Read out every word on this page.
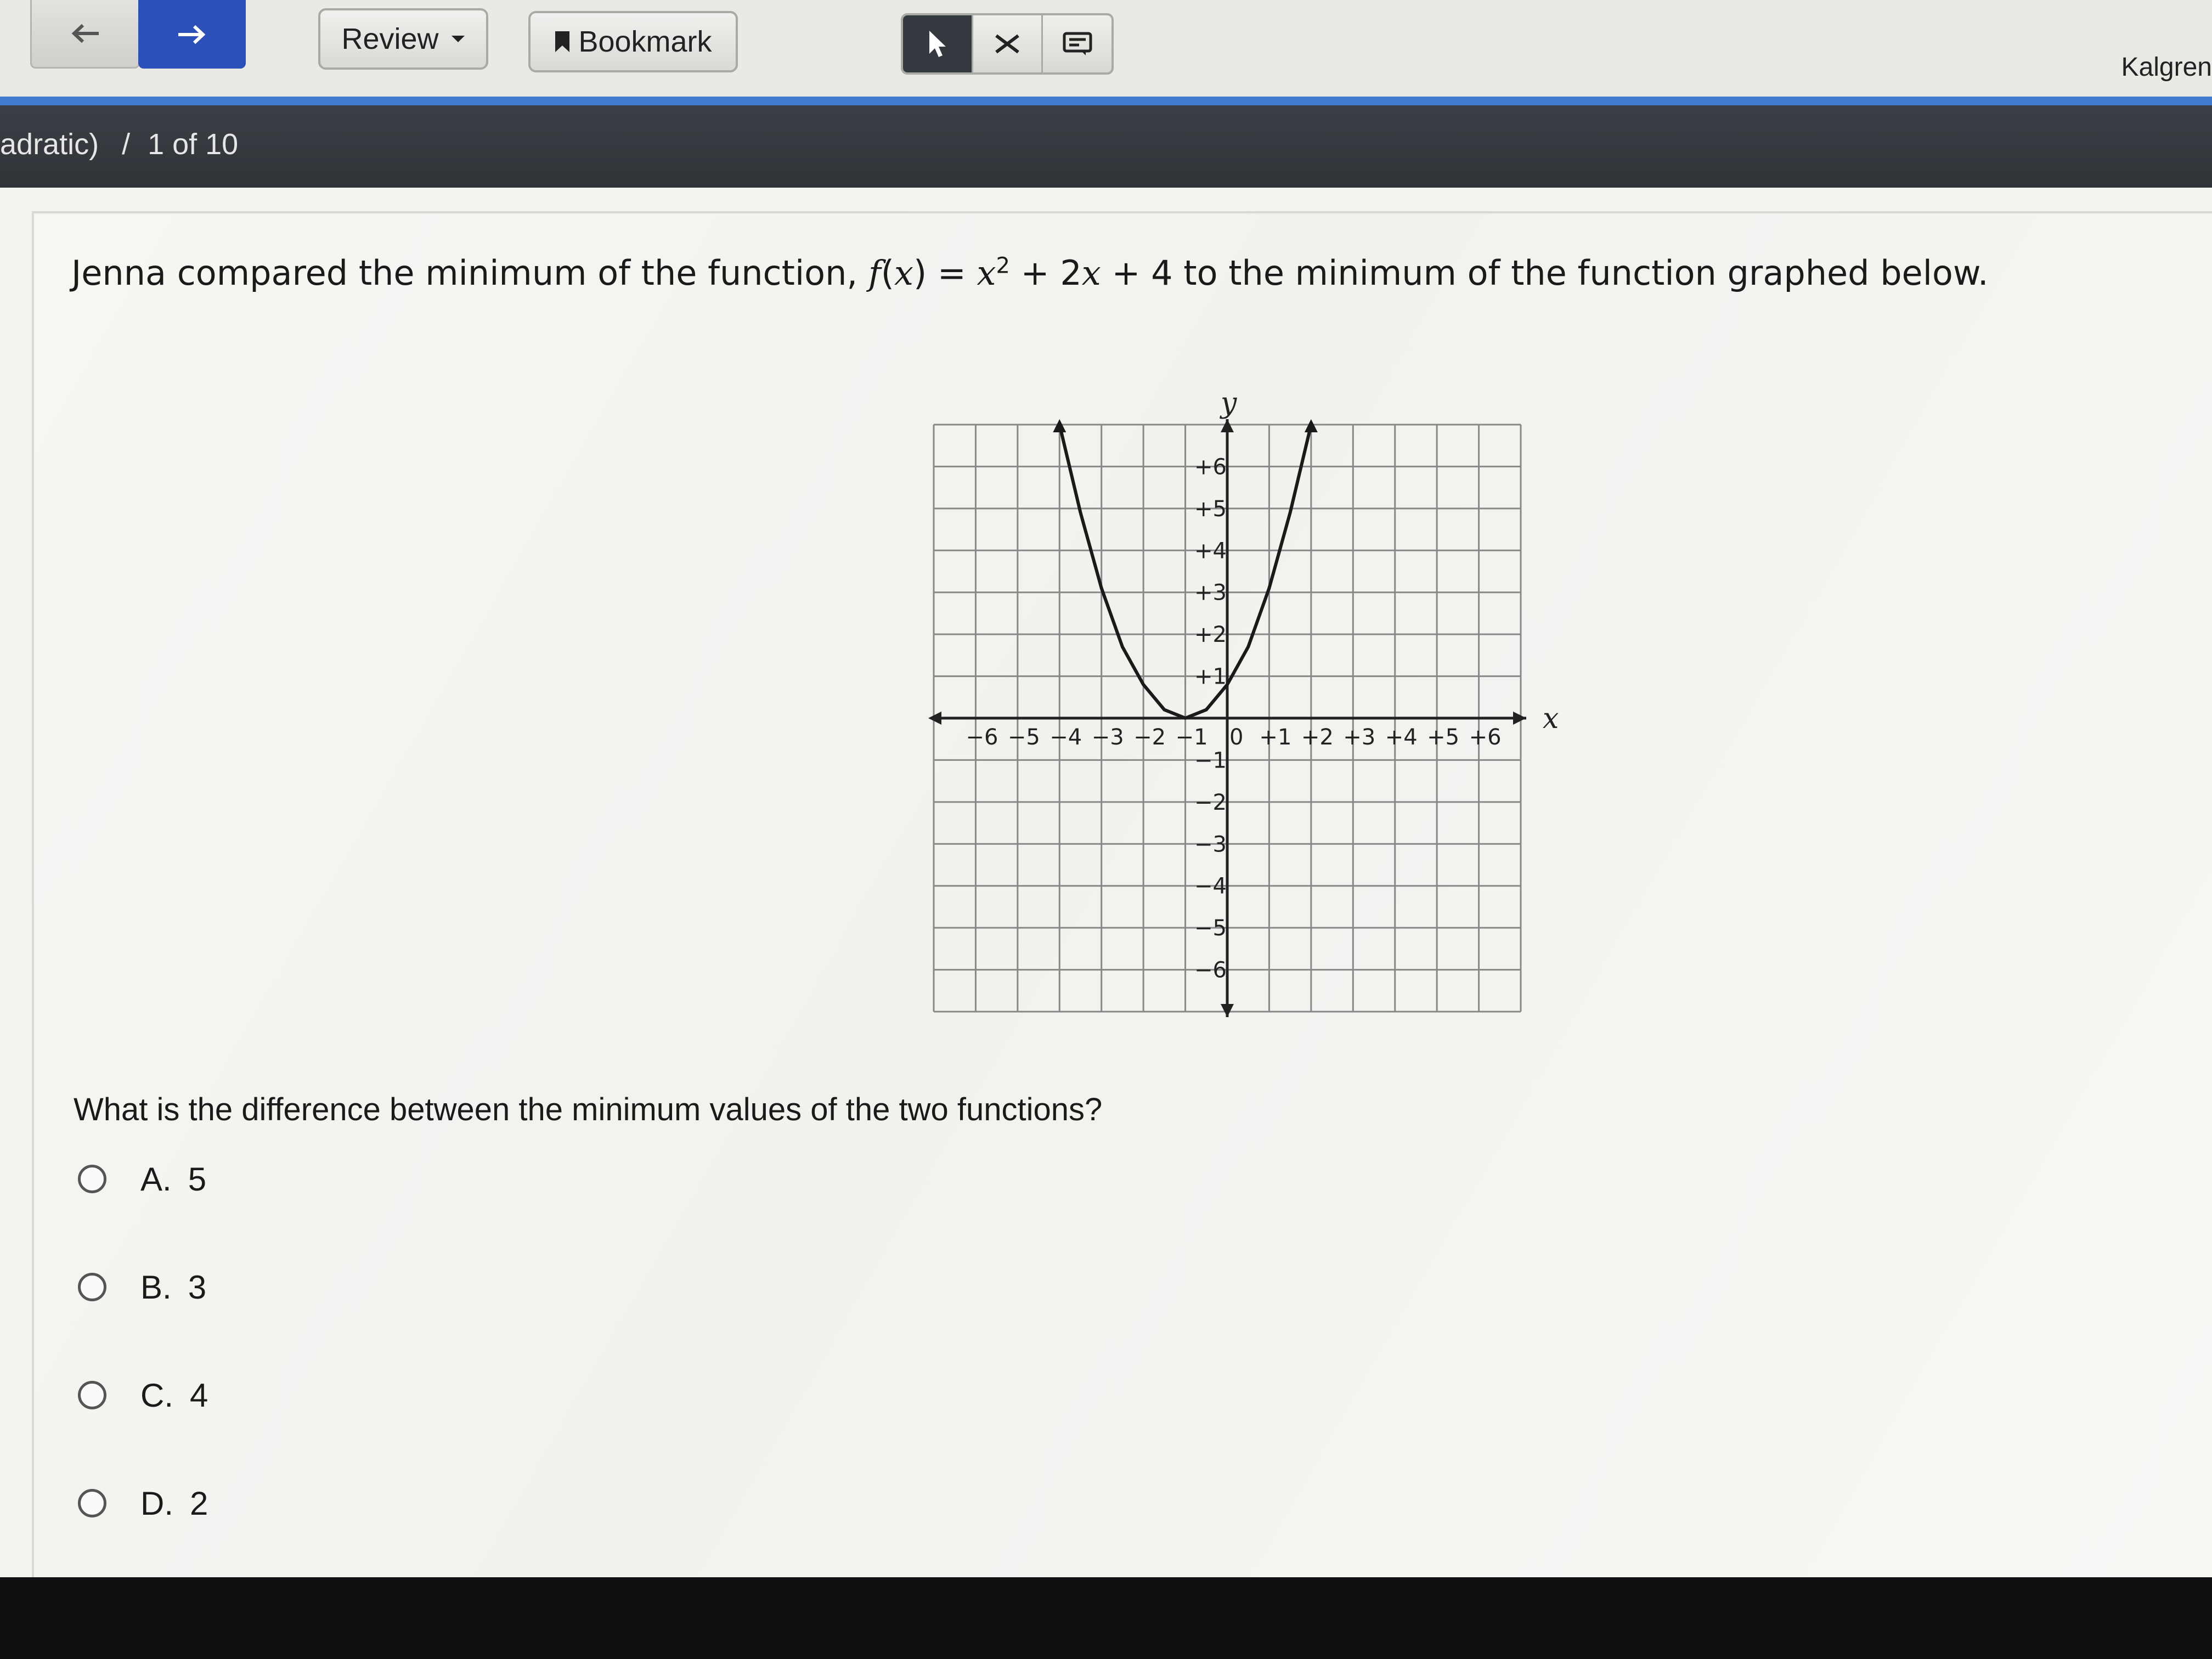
Review	Bookmark
Kalgren
adratic) / 1 of 10
Jenna compared the minimum of the function, $f(x) = x^2 + 2x + 4$ to the minimum of the function graphed below.
x
y
−6 −5 −4 −3 −2 −1 0 +1 +2 +3 +4 +5 +6
+6
+5
+4
+3
+2
+1
−1
−2
−3
−4
−5
−6
What is the difference between the minimum values of the two functions?
A. 5
B. 3
C. 4
D. 2
